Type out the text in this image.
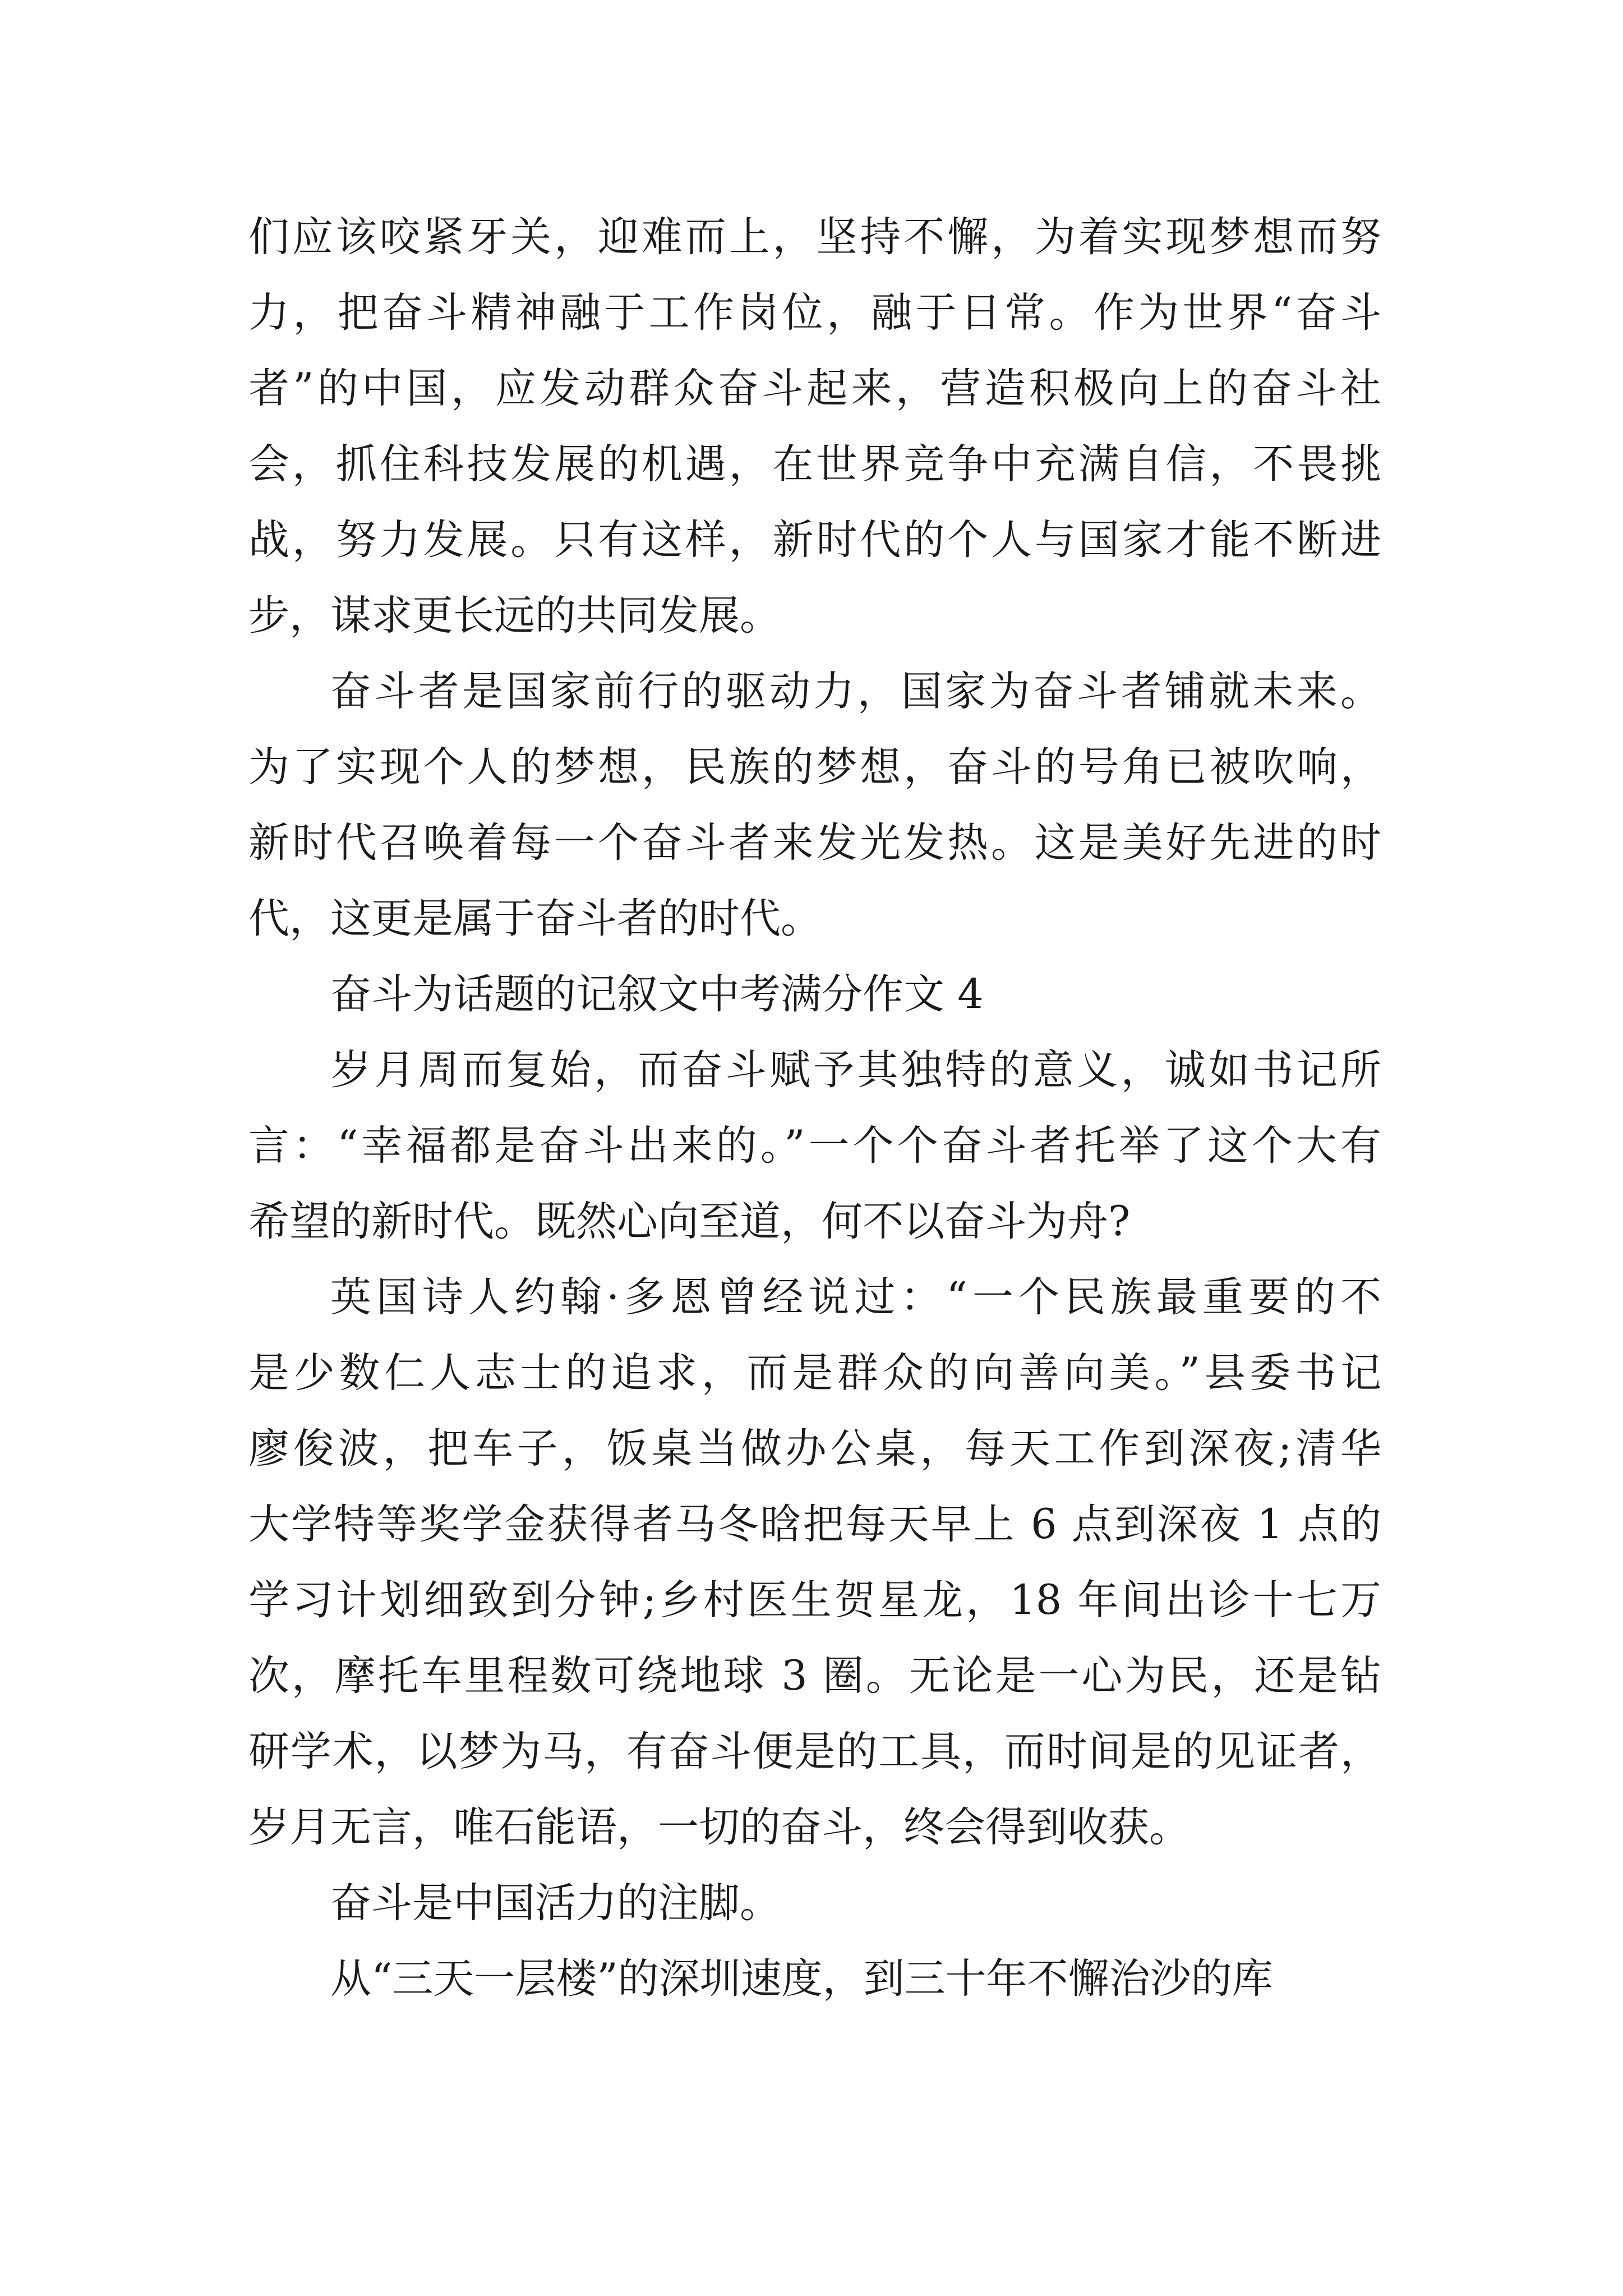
们应该咬紧牙关，迎难而上，坚持不懈，为着实现梦想而努
力，把奋斗精神融于工作岗位，融于日常。作为世界“奋斗
者”的中国，应发动群众奋斗起来，营造积极向上的奋斗社
会，抓住科技发展的机遇，在世界竞争中充满自信，不畏挑
战，努力发展。只有这样，新时代的个人与国家才能不断进
步，谋求更长远的共同发展。
奋斗者是国家前行的驱动力，国家为奋斗者铺就未来。
为了实现个人的梦想，民族的梦想，奋斗的号角已被吹响，
新时代召唤着每一个奋斗者来发光发热。这是美好先进的时
代，这更是属于奋斗者的时代。
奋斗为话题的记叙文中考满分作文 4
岁月周而复始，而奋斗赋予其独特的意义，诚如书记所
言：“幸福都是奋斗出来的。”一个个奋斗者托举了这个大有
希望的新时代。既然心向至道，何不以奋斗为舟?
英国诗人约翰·多恩曾经说过：“一个民族最重要的不
是少数仁人志士的追求，而是群众的向善向美。”县委书记
廖俊波，把车子，饭桌当做办公桌，每天工作到深夜;清华
大学特等奖学金获得者马冬晗把每天早上 6 点到深夜 1 点的
学习计划细致到分钟;乡村医生贺星龙，18 年间出诊十七万
次，摩托车里程数可绕地球 3 圈。无论是一心为民，还是钻
研学术，以梦为马，有奋斗便是的工具，而时间是的见证者，
岁月无言，唯石能语，一切的奋斗，终会得到收获。
奋斗是中国活力的注脚。
从“三天一层楼”的深圳速度，到三十年不懈治沙的库
